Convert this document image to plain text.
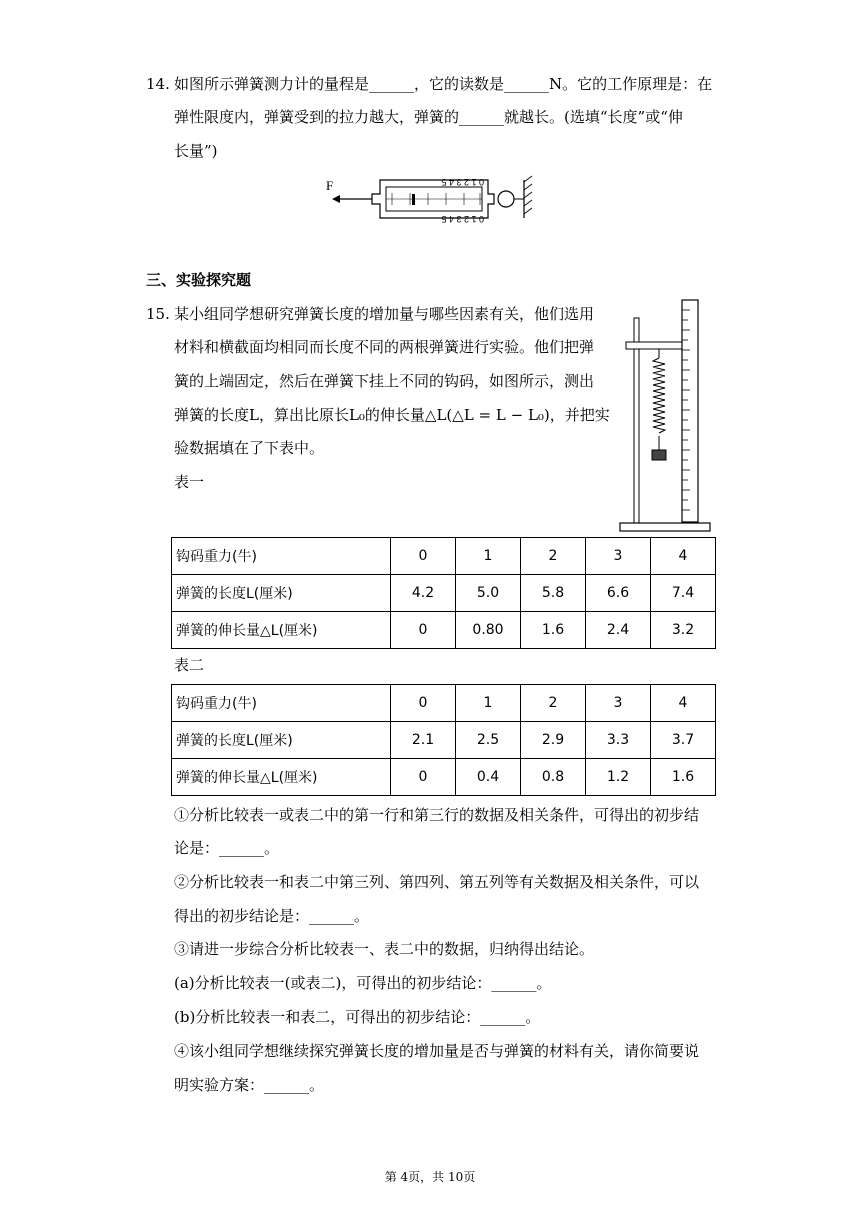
14. 如图所示弹簧测力计的量程是______，它的读数是______N。它的工作原理是：在
弹性限度内，弹簧受到的拉力越大，弹簧的______就越长。(选填“长度”或“伸
长量”)
F	0 1 2 3 4 5
0 1 2 3 4 5
三、实验探究题
15. 某小组同学想研究弹簧长度的增加量与哪些因素有关，他们选用
材料和横截面均相同而长度不同的两根弹簧进行实验。他们把弹
簧的上端固定，然后在弹簧下挂上不同的钩码，如图所示，测出
弹簧的长度L，算出比原长L₀的伸长量△L(△L = L − L₀)，并把实
验数据填在了下表中。
表一
钩码重力(牛)	0	1	2	3	4
弹簧的长度L(厘米)	4.2	5.0	5.8	6.6	7.4
弹簧的伸长量△L(厘米)	0	0.80	1.6	2.4	3.2
表二
钩码重力(牛)	0	1	2	3	4
弹簧的长度L(厘米)	2.1	2.5	2.9	3.3	3.7
弹簧的伸长量△L(厘米)	0	0.4	0.8	1.2	1.6
①分析比较表一或表二中的第一行和第三行的数据及相关条件，可得出的初步结
论是：______。
②分析比较表一和表二中第三列、第四列、第五列等有关数据及相关条件，可以
得出的初步结论是：______。
③请进一步综合分析比较表一、表二中的数据，归纳得出结论。
(a)分析比较表一(或表二)，可得出的初步结论：______。
(b)分析比较表一和表二，可得出的初步结论：______。
④该小组同学想继续探究弹簧长度的增加量是否与弹簧的材料有关，请你简要说
明实验方案：______。
第 4页，共 10页
